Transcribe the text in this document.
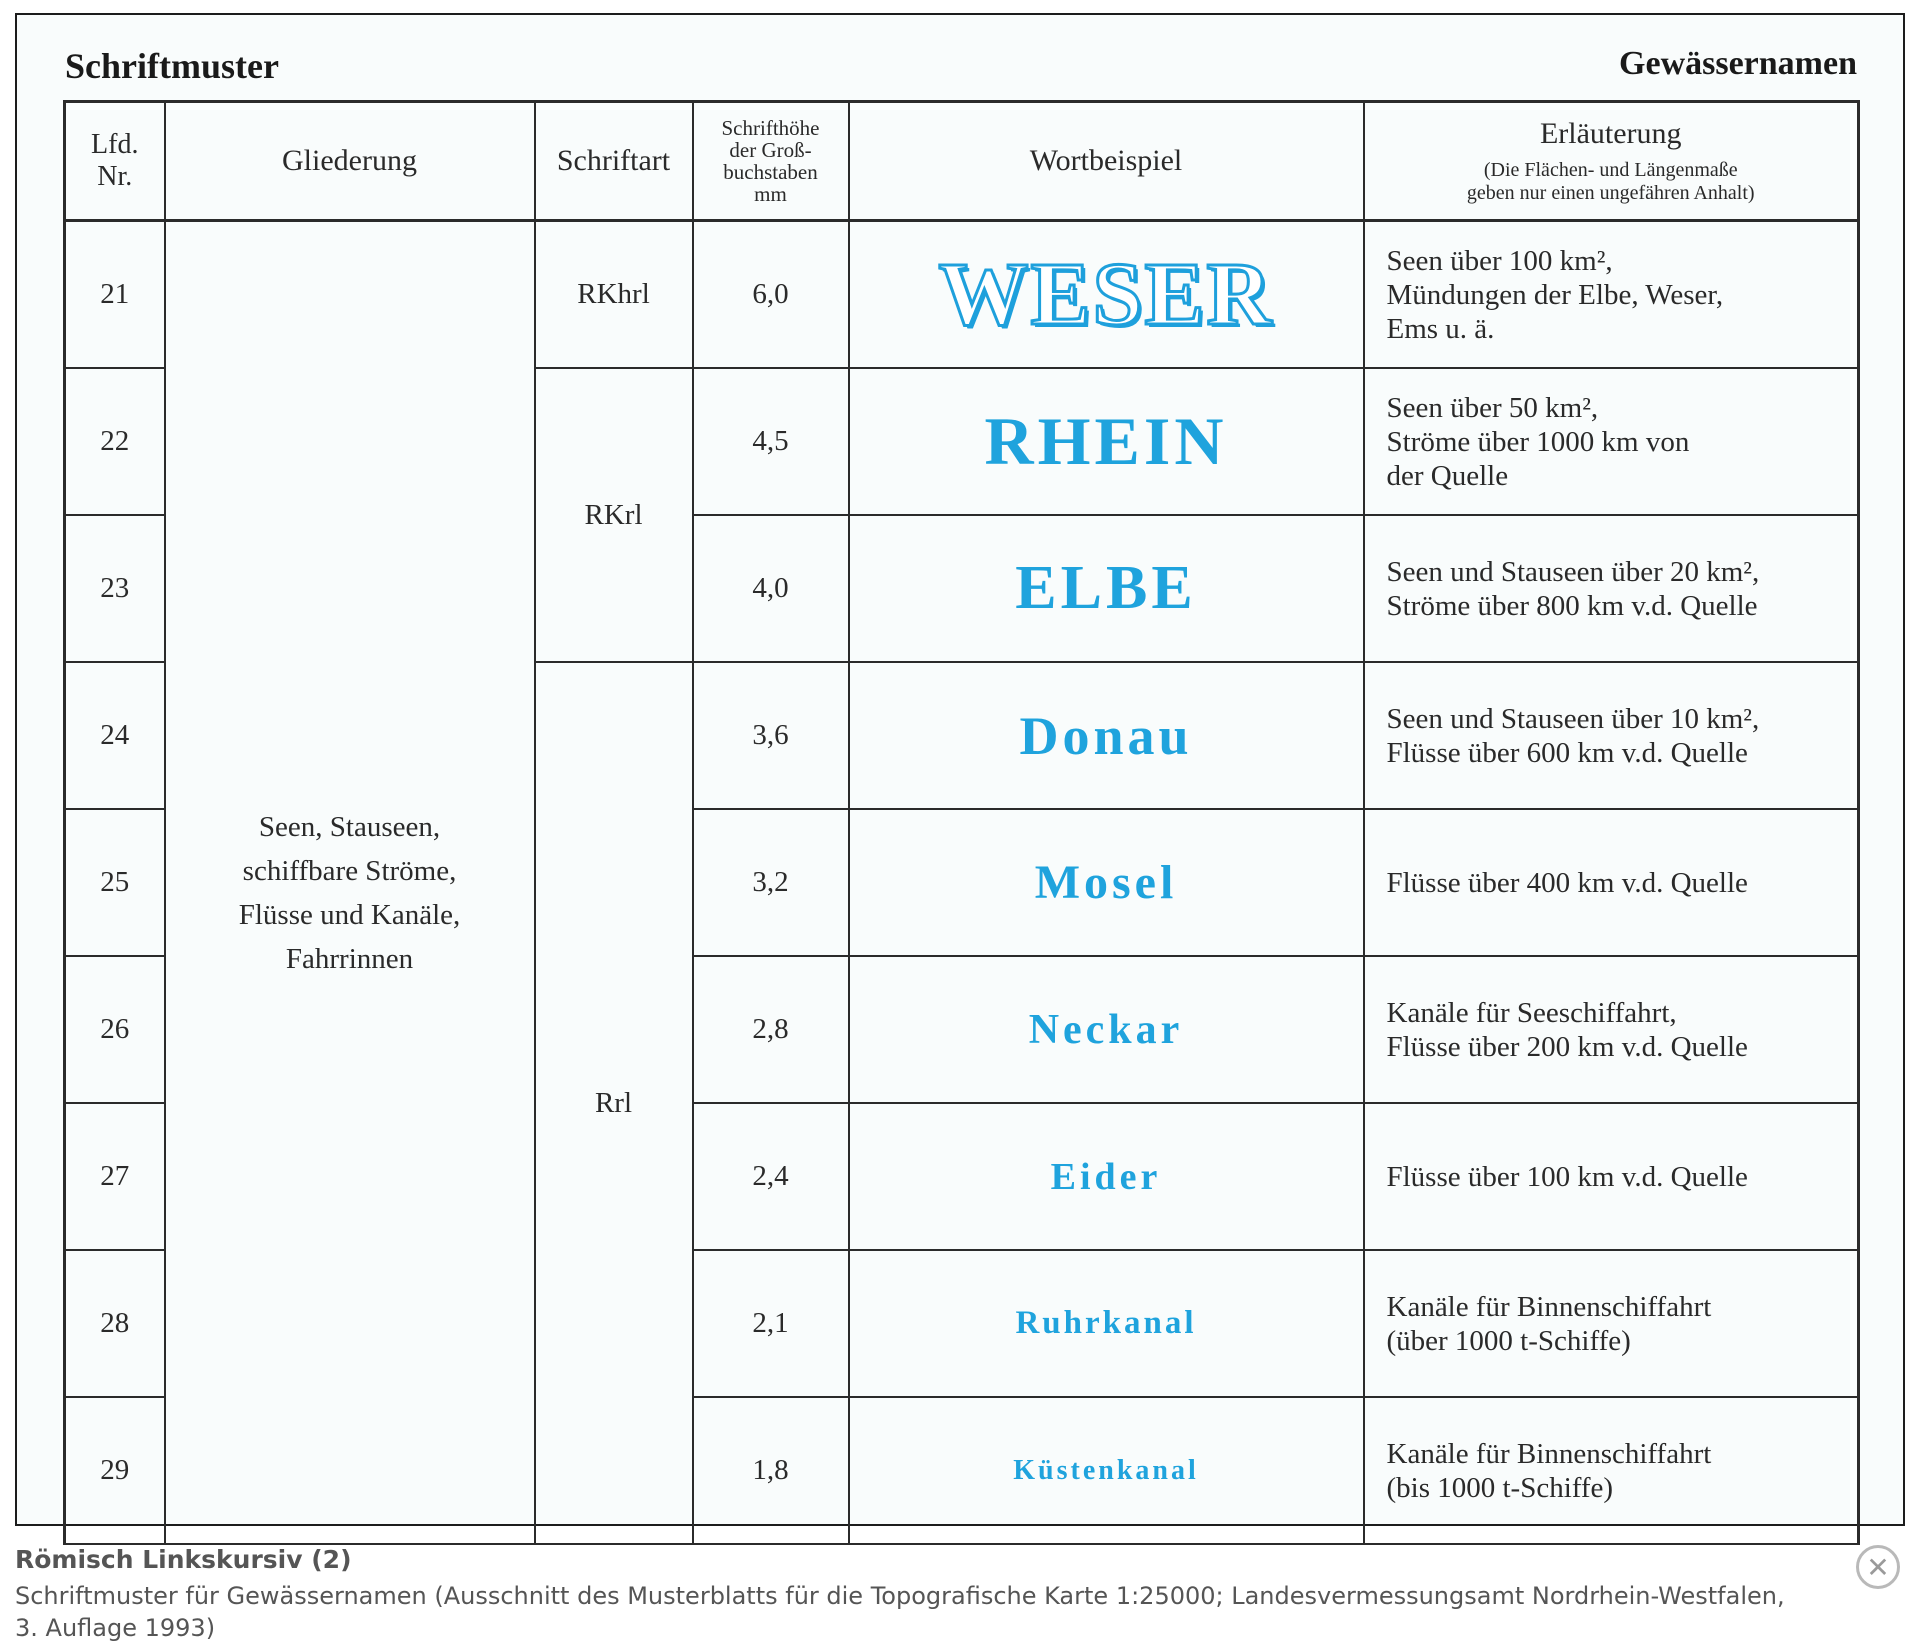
Schriftmuster	Gewässernamen
Lfd.
Nr.	Gliederung	Schriftart	Schrifthöhe
der Groß-
buchstaben
mm	Wortbeispiel	Erläuterung
(Die Flächen- und Längenmaße
geben nur einen ungefähren Anhalt)

21	Seen, Stauseen,
schiffbare Ströme,
Flüsse und Kanäle,
Fahrrinnen	RKhrl	6,0	WESER	Seen über 100 km²,
Mündungen der Elbe, Weser,
Ems u. ä.
22		RKrl	4,5	RHEIN	Seen über 50 km²,
Ströme über 1000 km von
der Quelle
23			4,0	ELBE	Seen und Stauseen über 20 km²,
Ströme über 800 km v.d. Quelle
24		Rrl	3,6	Donau	Seen und Stauseen über 10 km²,
Flüsse über 600 km v.d. Quelle
25			3,2	Mosel	Flüsse über 400 km v.d. Quelle
26			2,8	Neckar	Kanäle für Seeschiffahrt,
Flüsse über 200 km v.d. Quelle
27			2,4	Eider	Flüsse über 100 km v.d. Quelle
28			2,1	Ruhrkanal	Kanäle für Binnenschiffahrt
(über 1000 t-Schiffe)
29			1,8	Küstenkanal	Kanäle für Binnenschiffahrt
(bis 1000 t-Schiffe)
Römisch Linkskursiv (2)
Schriftmuster für Gewässernamen (Ausschnitt des Musterblatts für die Topografische Karte 1:25000; Landesvermessungsamt Nordrhein-Westfalen, 3. Auflage 1993)
✕
